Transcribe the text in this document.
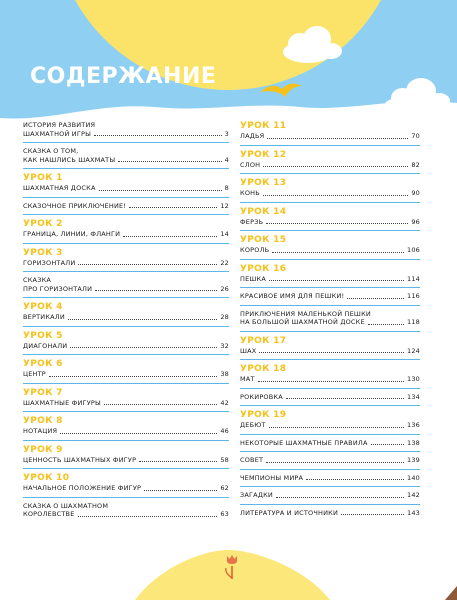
СОДЕРЖАНИЕ
ИСТОРИЯ РАЗВИТИЯ
ШАХМАТНОЙ ИГРЫ	3
СКАЗКА О ТОМ,
КАК НАШЛИСЬ ШАХМАТЫ	4
УРОК 1
ШАХМАТНАЯ ДОСКА	8
СКАЗОЧНОЕ ПРИКЛЮЧЕНИЕ!	12
УРОК 2
ГРАНИЦА, ЛИНИИ, ФЛАНГИ	14
УРОК 3
ГОРИЗОНТАЛИ	22
СКАЗКА
ПРО ГОРИЗОНТАЛИ	26
УРОК 4
ВЕРТИКАЛИ	28
УРОК 5
ДИАГОНАЛИ	32
УРОК 6
ЦЕНТР	38
УРОК 7
ШАХМАТНЫЕ ФИГУРЫ	42
УРОК 8
НОТАЦИЯ	46
УРОК 9
ЦЕННОСТЬ ШАХМАТНЫХ ФИГУР	58
УРОК 10
НАЧАЛЬНОЕ ПОЛОЖЕНИЕ ФИГУР	62
СКАЗКА О ШАХМАТНОМ
КОРОЛЕВСТВЕ	63
УРОК 11
ЛАДЬЯ	70
УРОК 12
СЛОН	82
УРОК 13
КОНЬ	90
УРОК 14
ФЕРЗЬ	96
УРОК 15
КОРОЛЬ	106
УРОК 16
ПЕШКА	114
КРАСИВОЕ ИМЯ ДЛЯ ПЕШКИ!	116
ПРИКЛЮЧЕНИЯ МАЛЕНЬКОЙ ПЕШКИ
НА БОЛЬШОЙ ШАХМАТНОЙ ДОСКЕ	118
УРОК 17
ШАХ	124
УРОК 18
МАТ	130
РОКИРОВКА	134
УРОК 19
ДЕБЮТ	136
НЕКОТОРЫЕ ШАХМАТНЫЕ ПРАВИЛА	138
СОВЕТ	139
ЧЕМПИОНЫ МИРА	140
ЗАГАДКИ	142
ЛИТЕРАТУРА И ИСТОЧНИКИ	143
